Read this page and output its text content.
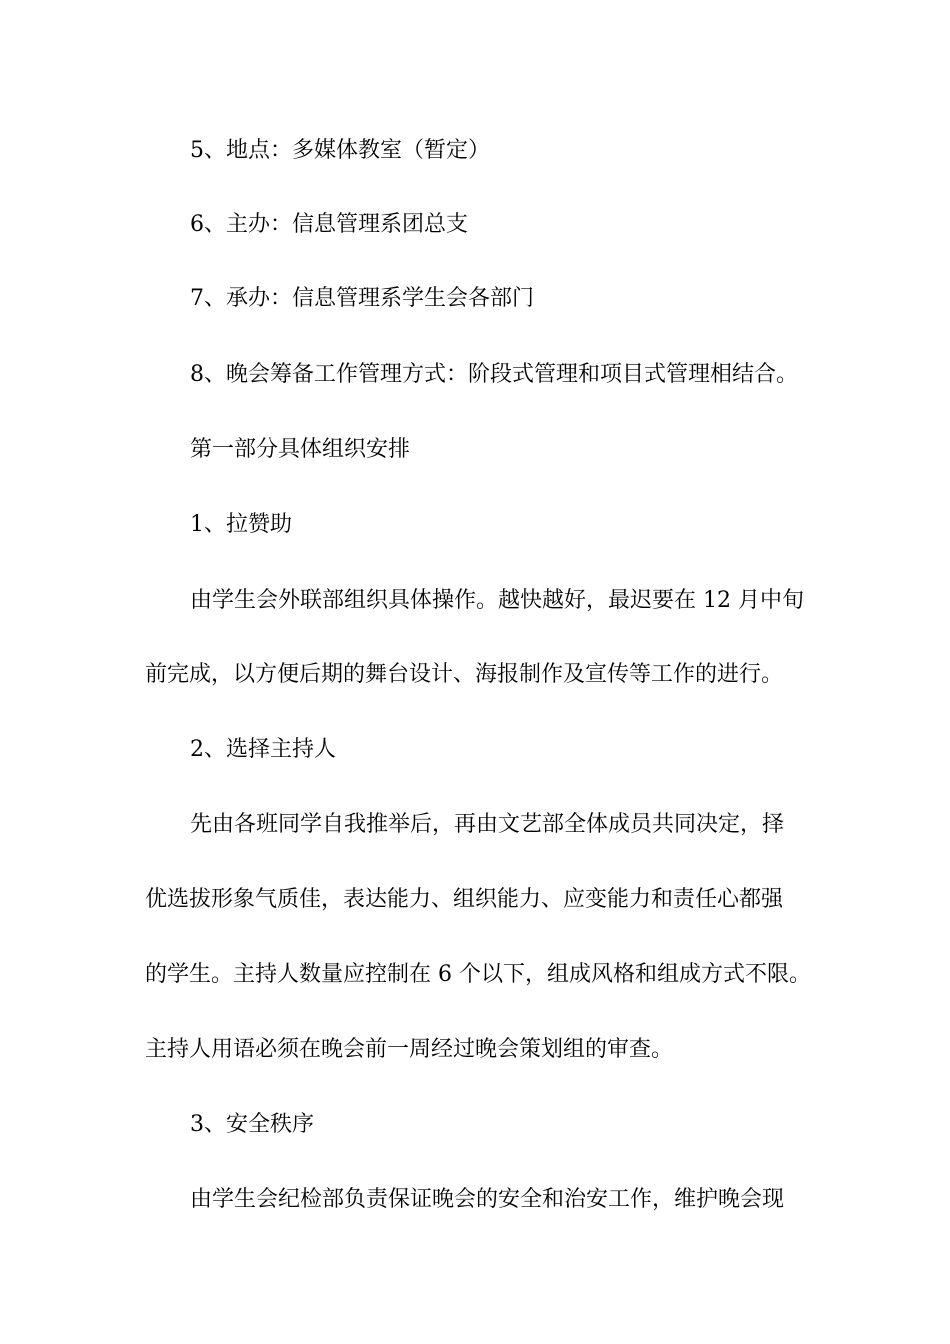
5、地点：多媒体教室（暂定）
6、主办：信息管理系团总支
7、承办：信息管理系学生会各部门
8、晚会筹备工作管理方式：阶段式管理和项目式管理相结合。
第一部分具体组织安排
1、拉赞助
由学生会外联部组织具体操作。越快越好，最迟要在 12 月中旬
前完成，以方便后期的舞台设计、海报制作及宣传等工作的进行。
2、选择主持人
先由各班同学自我推举后，再由文艺部全体成员共同决定，择
优选拔形象气质佳，表达能力、组织能力、应变能力和责任心都强
的学生。主持人数量应控制在 6 个以下，组成风格和组成方式不限。
主持人用语必须在晚会前一周经过晚会策划组的审查。
3、安全秩序
由学生会纪检部负责保证晚会的安全和治安工作，维护晚会现
